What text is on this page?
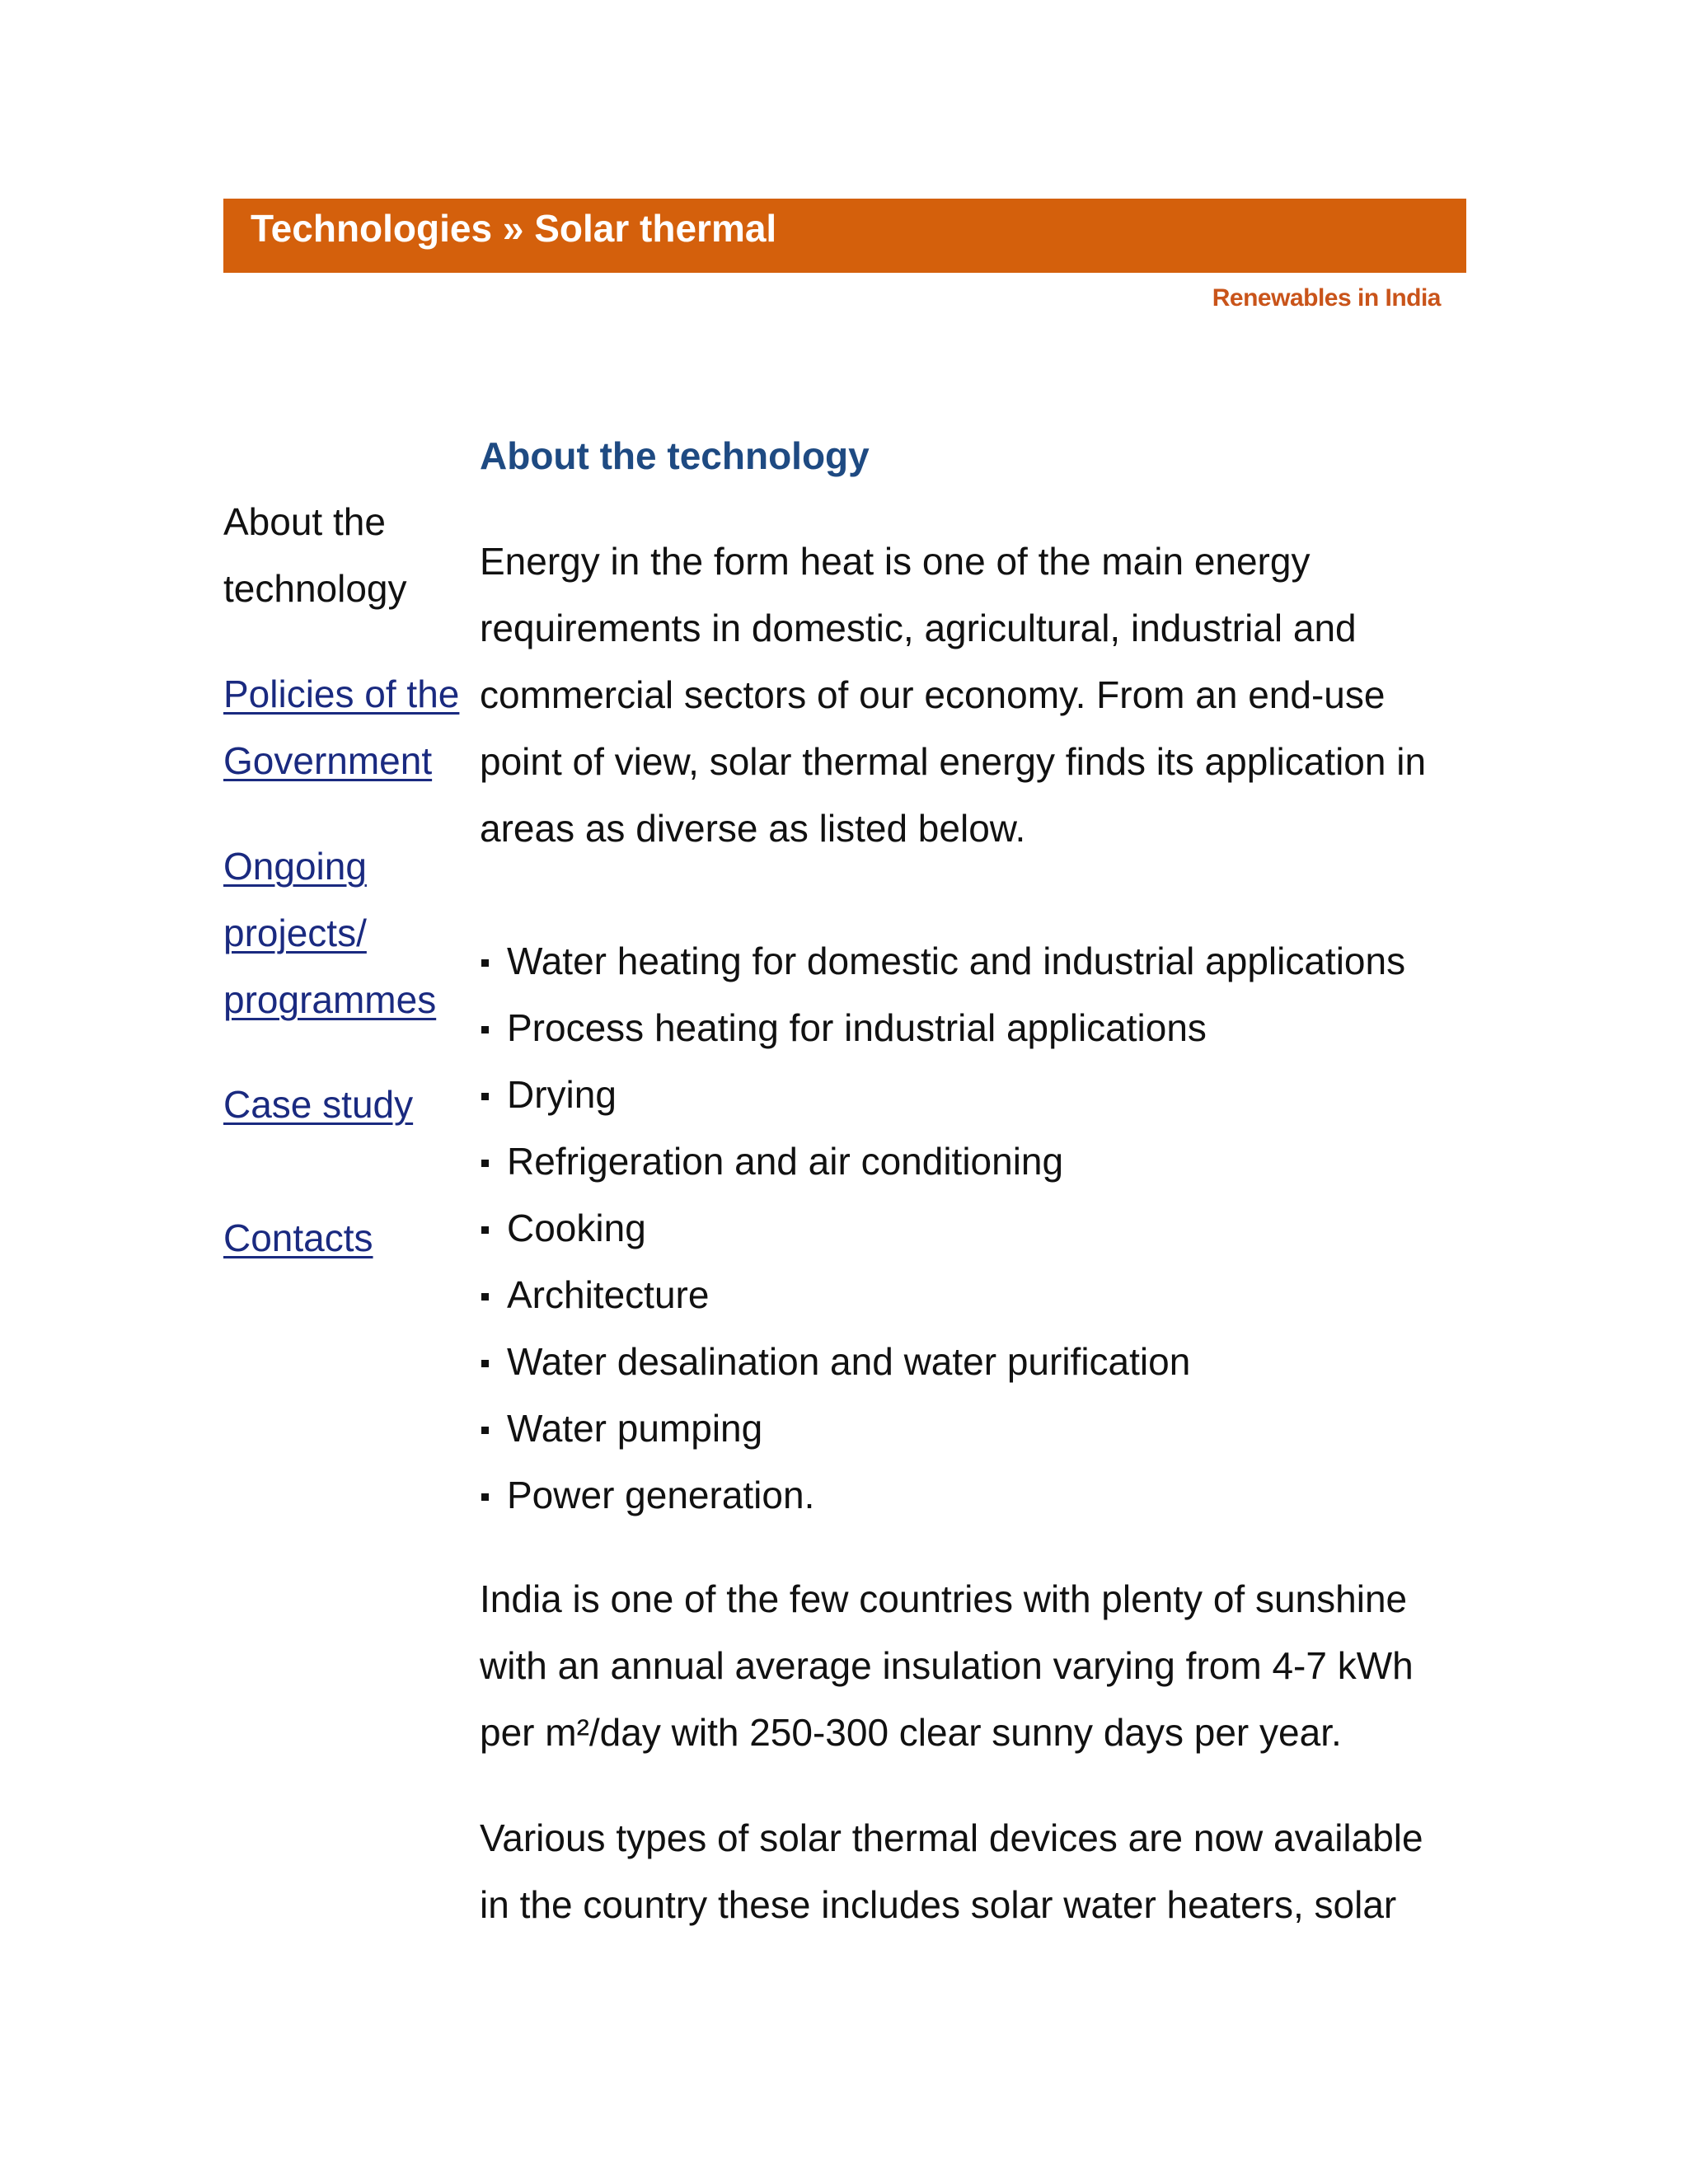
Technologies » Solar thermal
Renewables in India
About the
technology
Policies of the
Government
Ongoing
projects/
programmes
Case study
Contacts
About the technology
Energy in the form heat is one of the main energy
requirements in domestic, agricultural, industrial and
commercial sectors of our economy. From an end-use
point of view, solar thermal energy finds its application in
areas as diverse as listed below.
Water heating for domestic and industrial applications
Process heating for industrial applications
Drying
Refrigeration and air conditioning
Cooking
Architecture
Water desalination and water purification
Water pumping
Power generation.
India is one of the few countries with plenty of sunshine
with an annual average insulation varying from 4-7 kWh
per m²/day with 250-300 clear sunny days per year.
Various types of solar thermal devices are now available
in the country these includes solar water heaters, solar
